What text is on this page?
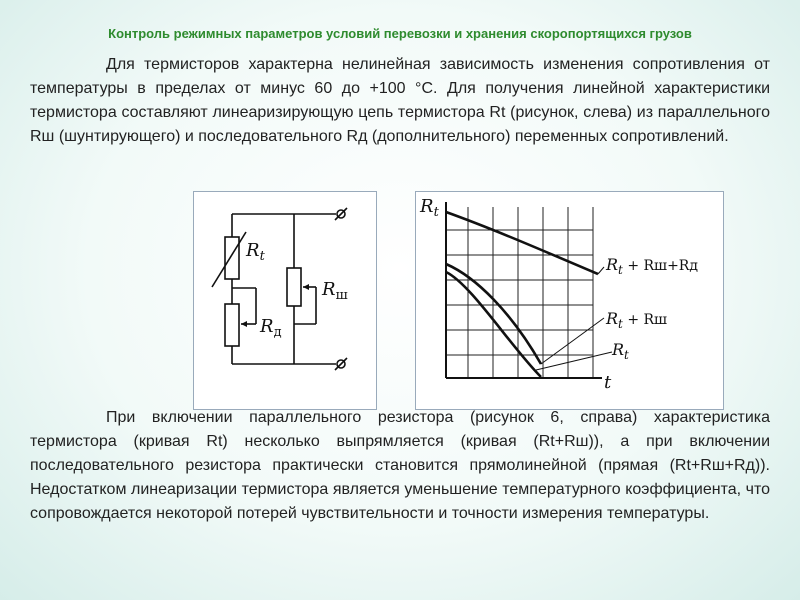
Контроль режимных параметров условий перевозки и хранения скоропортящихся грузов

Для термисторов характерна нелинейная зависимость изменения сопротивления от температуры в пределах от минус 60 до +100 °С. Для получения линейной характеристики термистора составляют линеаризирующую цепь термистора Rt (рисунок, слева) из параллельного Rш (шунтирующего) и последовательного Rд (дополнительного) переменных сопротивлений.

$R_t$
$R_д$
$R_ш$
$R_t$
t
$R_t + Rш+Rд$
$R_t$ + Rш
$R_t$

При включении параллельного резистора (рисунок 6, справа) характеристика термистора (кривая Rt) несколько выпрямляется (кривая (Rt+Rш)), а при включении последовательного резистора практически становится прямолинейной (прямая (Rt+Rш+Rд)). Недостатком линеаризации термистора является уменьшение температурного коэффициента, что сопровождается некоторой потерей чувствительности и точности измерения температуры.
